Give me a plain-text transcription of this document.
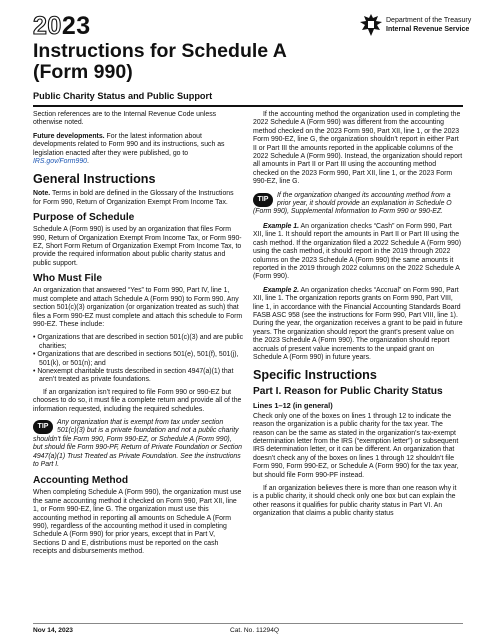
2023
Instructions for Schedule A (Form 990)
Public Charity Status and Public Support
Department of the Treasury
Internal Revenue Service

Section references are to the Internal Revenue Code unless otherwise noted.

Future developments. For the latest information about developments related to Form 990 and its instructions, such as legislation enacted after they were published, go to IRS.gov/Form990.

General Instructions

Note. Terms in bold are defined in the Glossary of the Instructions for Form 990, Return of Organization Exempt From Income Tax.

Purpose of Schedule

Schedule A (Form 990) is used by an organization that files Form 990, Return of Organization Exempt From Income Tax, or Form 990-EZ, Short Form Return of Organization Exempt From Income Tax, to provide the required information about public charity status and public support.

Who Must File

An organization that answered “Yes” to Form 990, Part IV, line 1, must complete and attach Schedule A (Form 990) to Form 990. Any section 501(c)(3) organization (or organization treated as such) that files a Form 990-EZ must complete and attach this schedule to Form 990-EZ. These include:

• Organizations that are described in section 501(c)(3) and are public charities;
• Organizations that are described in sections 501(e), 501(f), 501(j), 501(k), or 501(n); and
• Nonexempt charitable trusts described in section 4947(a)(1) that aren’t treated as private foundations.

If an organization isn’t required to file Form 990 or 990-EZ but chooses to do so, it must file a complete return and provide all of the information requested, including the required schedules.

TIP
Any organization that is exempt from tax under section 501(c)(3) but is a private foundation and not a public charity shouldn’t file Form 990, Form 990-EZ, or Schedule A (Form 990), but should file Form 990-PF, Return of Private Foundation or Section 4947(a)(1) Trust Treated as Private Foundation. See the instructions to Part I.
Accounting Method

When completing Schedule A (Form 990), the organization must use the same accounting method it checked on Form 990, Part XII, line 1, or Form 990-EZ, line G. The organization must use this accounting method in reporting all amounts on Schedule A (Form 990), regardless of the accounting method it used in completing Schedule A (Form 990) for prior years, except that in Part V, Sections D and E, distributions must be reported on the cash receipts and disbursements method.

If the accounting method the organization used in completing the 2022 Schedule A (Form 990) was different from the accounting method checked on the 2023 Form 990, Part XII, line 1, or the 2023 Form 990-EZ, line G, the organization shouldn’t report in either Part II or Part III the amounts reported in the applicable columns of the 2022 Schedule A (Form 990). Instead, the organization should report all amounts in Part II or Part III using the accounting method checked on the 2023 Form 990, Part XII, line 1, or the 2023 Form 990-EZ, line G.

TIP
If the organization changed its accounting method from a prior year, it should provide an explanation in Schedule O (Form 990), Supplemental Information to Form 990 or 990-EZ.

Example 1. An organization checks “Cash” on Form 990, Part XII, line 1. It should report the amounts in Part II or Part III using the cash method. If the organization filed a 2022 Schedule A (Form 990) using the cash method, it should report in the 2019 through 2022 columns on the 2023 Schedule A (Form 990) the same amounts it reported in the 2019 through 2022 columns on the 2022 Schedule A (Form 990).

Example 2. An organization checks “Accrual” on Form 990, Part XII, line 1. The organization reports grants on Form 990, Part VIII, line 1, in accordance with the Financial Accounting Standards Board FASB ASC 958 (see the instructions for Form 990, Part VIII, line 1). During the year, the organization receives a grant to be paid in future years. The organization should report the grant’s present value on the 2023 Schedule A (Form 990). The organization should report accruals of present value increments to the unpaid grant on Schedule A (Form 990) in future years.

Specific Instructions
Part I. Reason for Public Charity Status
Lines 1–12 (in general)

Check only one of the boxes on lines 1 through 12 to indicate the reason the organization is a public charity for the tax year. The reason can be the same as stated in the organization’s tax-exempt determination letter from the IRS (“exemption letter”) or subsequent IRS determination letter, or it can be different. An organization that doesn’t check any of the boxes on lines 1 through 12 shouldn’t file Form 990, Form 990-EZ, or Schedule A (Form 990) for the tax year, but should file Form 990-PF instead.

If an organization believes there is more than one reason why it is a public charity, it should check only one box but can explain the other reasons it qualifies for public charity status in Part VI. An organization that claims a public charity status

Nov 14, 2023	Cat. No. 11294Q
